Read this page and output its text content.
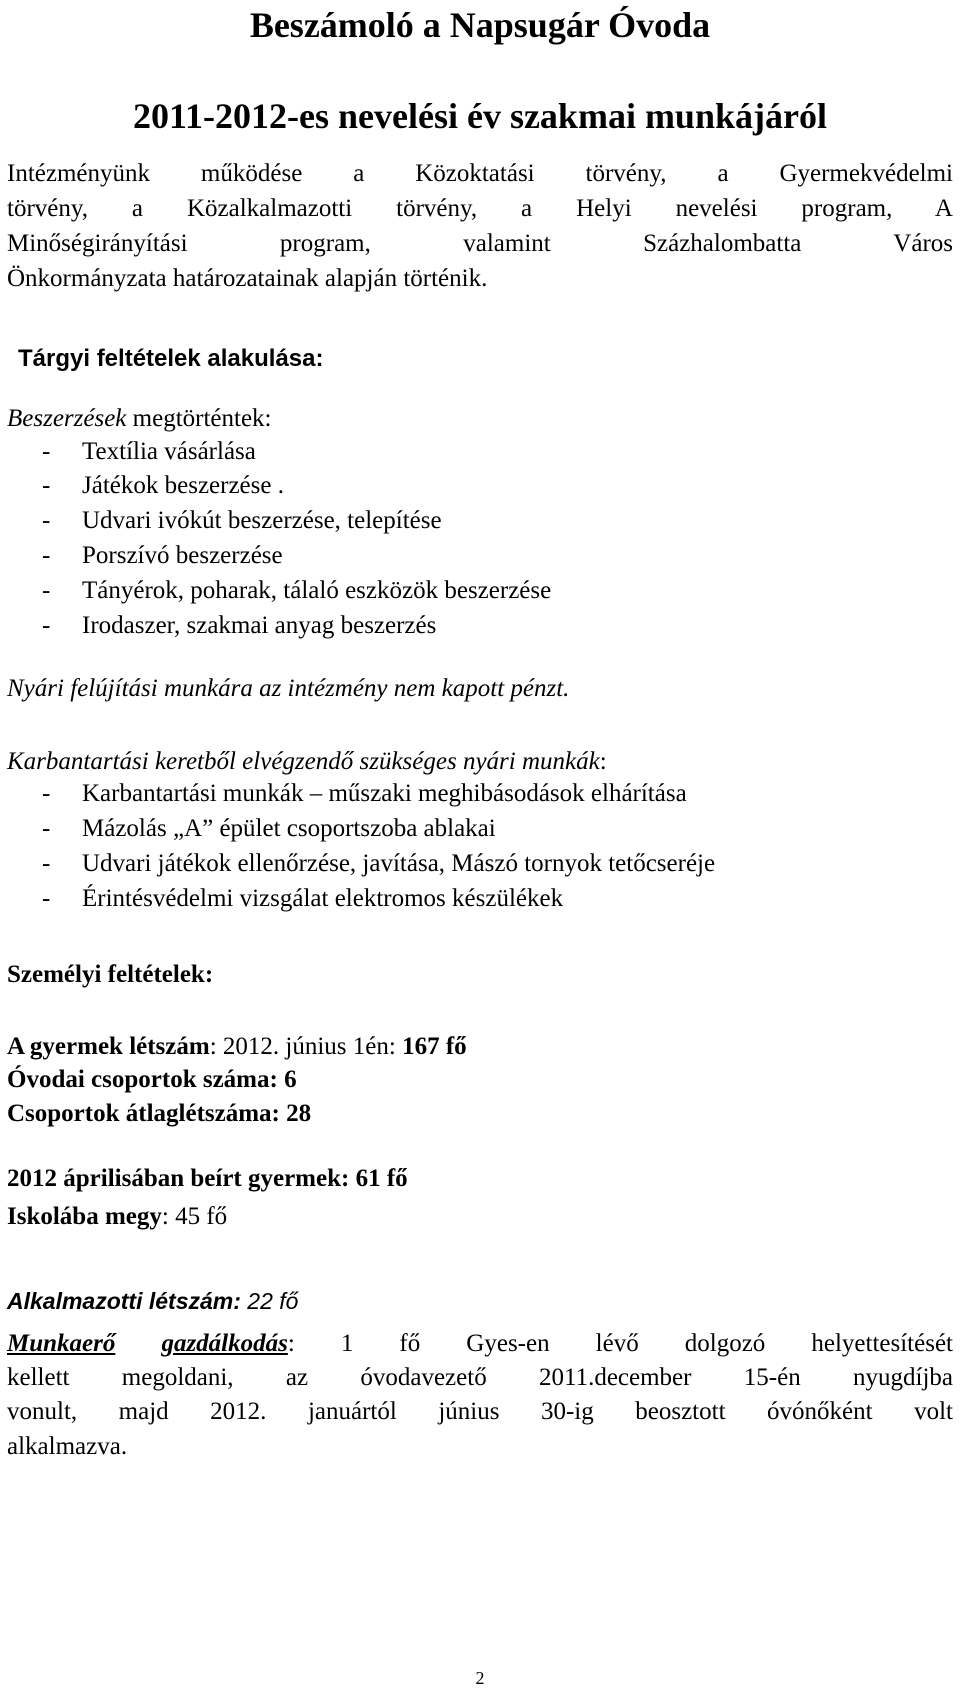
Beszámoló a Napsugár Óvoda
2011-2012-es nevelési év szakmai munkájáról
Intézményünk működése a Közoktatási törvény, a Gyermekvédelmi
törvény, a Közalkalmazotti törvény, a Helyi nevelési program, A
Minőségirányítási program, valamint Százhalombatta Város
Önkormányzata határozatainak alapján történik.
Tárgyi feltételek alakulása:
Beszerzések megtörténtek:
- Textília vásárlása
- Játékok beszerzése .
- Udvari ivókút beszerzése, telepítése
- Porszívó beszerzése
- Tányérok, poharak, tálaló eszközök beszerzése
- Irodaszer, szakmai anyag beszerzés
Nyári felújítási munkára az intézmény nem kapott pénzt.
Karbantartási keretből elvégzendő szükséges nyári munkák:
- Karbantartási munkák – műszaki meghibásodások elhárítása
- Mázolás „A” épület csoportszoba ablakai
- Udvari játékok ellenőrzése, javítása, Mászó tornyok tetőcseréje
- Érintésvédelmi vizsgálat elektromos készülékek
Személyi feltételek:
A gyermek létszám: 2012. június 1én: 167 fő
Óvodai csoportok száma: 6
Csoportok átlaglétszáma: 28
2012 áprilisában beírt gyermek: 61 fő
Iskolába megy: 45 fő
Alkalmazotti létszám: 22 fő
Munkaerő gazdálkodás: 1 fő Gyes-en lévő dolgozó helyettesítését
kellett megoldani, az óvodavezető 2011.december 15-én nyugdíjba
vonult, majd 2012. januártól június 30-ig beosztott óvónőként volt
alkalmazva.
2
